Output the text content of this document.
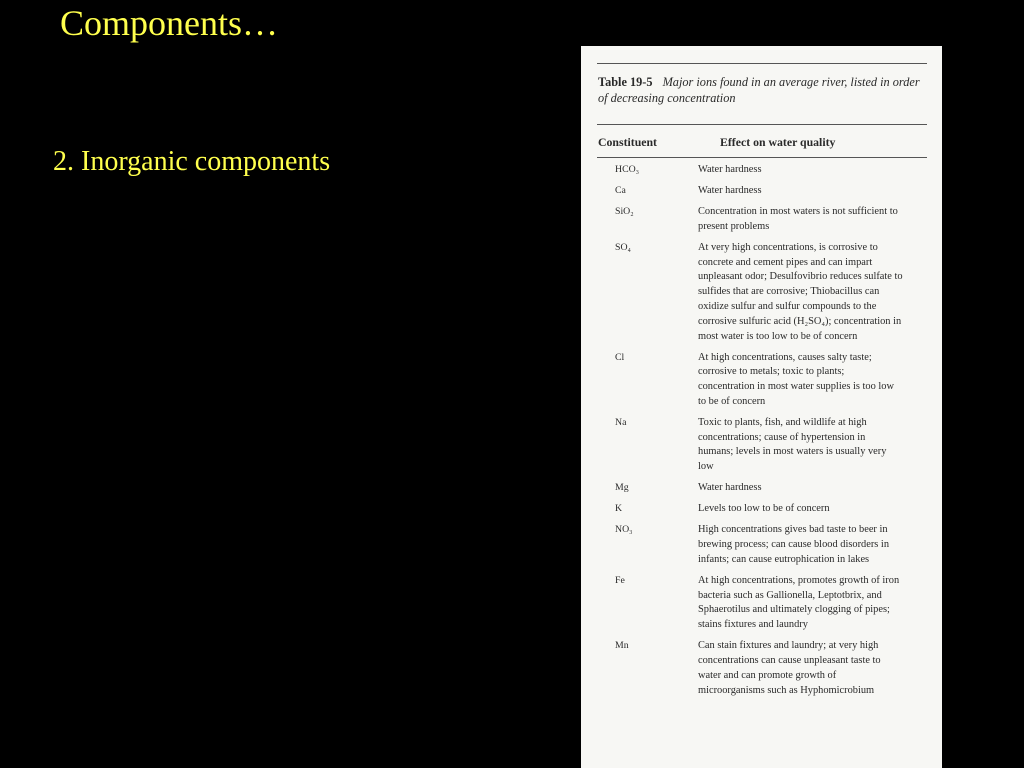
Components…
2. Inorganic components
Table 19-5 Major ions found in an average river, listed in order of decreasing concentration
Constituent	Effect on water quality
HCO₃	Water hardness
Ca	Water hardness
SiO₂	Concentration in most waters is not sufficient to present problems
SO₄	At very high concentrations, is corrosive to concrete and cement pipes and can impart unpleasant odor; Desulfovibrio reduces sulfate to sulfides that are corrosive; Thiobacillus can oxidize sulfur and sulfur compounds to the corrosive sulfuric acid (H₂SO₄); concentration in most water is too low to be of concern
Cl	At high concentrations, causes salty taste; corrosive to metals; toxic to plants; concentration in most water supplies is too low to be of concern
Na	Toxic to plants, fish, and wildlife at high concentrations; cause of hypertension in humans; levels in most waters is usually very low
Mg	Water hardness
K	Levels too low to be of concern
NO₃	High concentrations gives bad taste to beer in brewing process; can cause blood disorders in infants; can cause eutrophication in lakes
Fe	At high concentrations, promotes growth of iron bacteria such as Gallionella, Leptotbrix, and Sphaerotilus and ultimately clogging of pipes; stains fixtures and laundry
Mn	Can stain fixtures and laundry; at very high concentrations can cause unpleasant taste to water and can promote growth of microorganisms such as Hyphomicrobium
